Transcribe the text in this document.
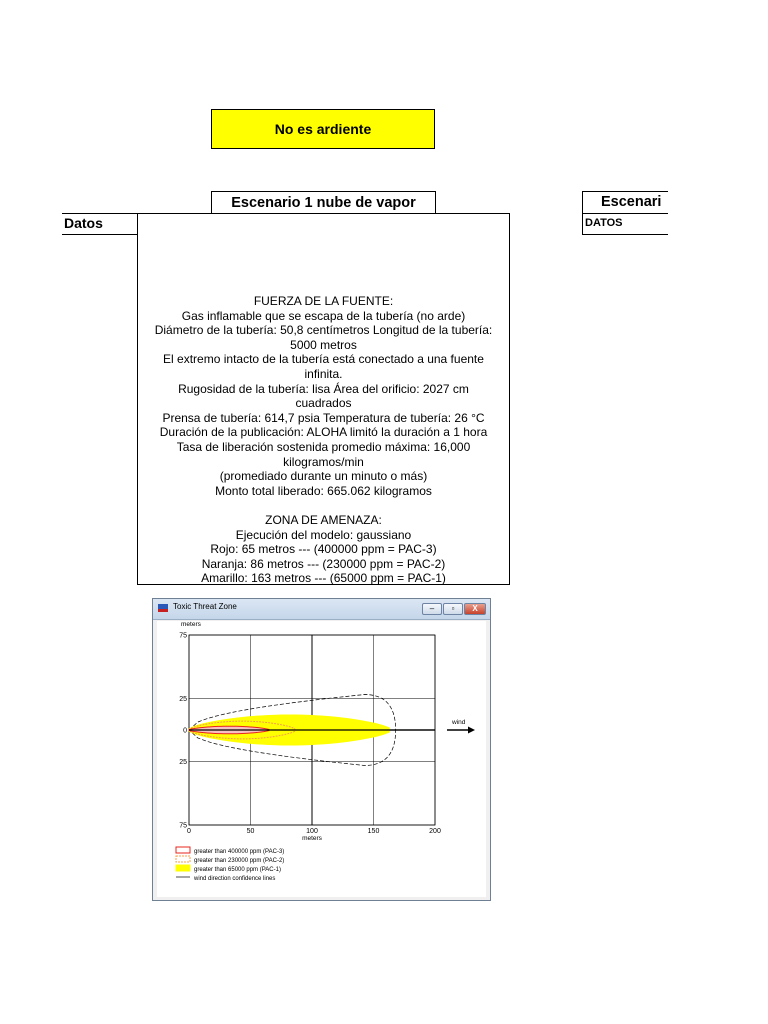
No es ardiente
Escenario 1 nube de vapor
Datos
FUERZA DE LA FUENTE:
Gas inflamable que se escapa de la tubería (no arde)
Diámetro de la tubería: 50,8 centímetros Longitud de la tubería:
5000 metros
El extremo intacto de la tubería está conectado a una fuente
infinita.
Rugosidad de la tubería: lisa Área del orificio: 2027 cm
cuadrados
Prensa de tubería: 614,7 psia Temperatura de tubería: 26 °C
Duración de la publicación: ALOHA limitó la duración a 1 hora
Tasa de liberación sostenida promedio máxima: 16,000
kilogramos/min
(promediado durante un minuto o más)
Monto total liberado: 665.062 kilogramos

ZONA DE AMENAZA:
Ejecución del modelo: gaussiano
Rojo: 65 metros --- (400000 ppm = PAC-3)
Naranja: 86 metros --- (230000 ppm = PAC-2)
Amarillo: 163 metros --- (65000 ppm = PAC-1)
Escenari
DATOS
Toxic Threat Zone	–	▫	X
0	50	100	150	200
75
25
0
25
75
meters
meters
wind
greater than 400000 ppm (PAC-3)
greater than 230000 ppm (PAC-2)
greater than 65000 ppm (PAC-1)
wind direction confidence lines
